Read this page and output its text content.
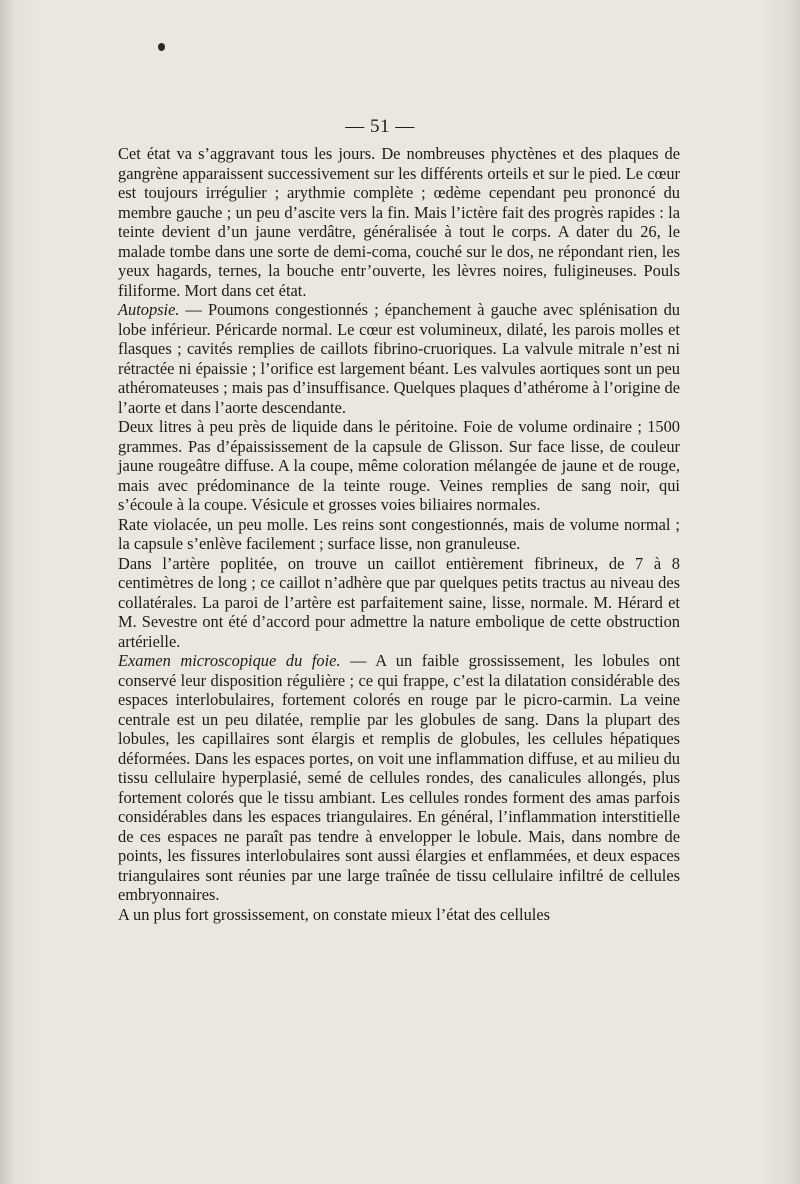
— 51 —

Cet état va s’aggravant tous les jours. De nombreuses phyctènes et des plaques de gangrène apparaissent successivement sur les différents orteils et sur le pied. Le cœur est toujours irrégulier ; arythmie complète ; œdème cependant peu prononcé du membre gauche ; un peu d’ascite vers la fin. Mais l’ictère fait des progrès rapides : la teinte devient d’un jaune verdâtre, généralisée à tout le corps. A dater du 26, le malade tombe dans une sorte de demi-coma, couché sur le dos, ne répondant rien, les yeux hagards, ternes, la bouche entr’ouverte, les lèvres noires, fuligineuses. Pouls filiforme. Mort dans cet état.

Autopsie. — Poumons congestionnés ; épanchement à gauche avec splénisation du lobe inférieur. Péricarde normal. Le cœur est volumineux, dilaté, les parois molles et flasques ; cavités remplies de caillots fibrino-cruoriques. La valvule mitrale n’est ni rétractée ni épaissie ; l’orifice est largement béant. Les valvules aortiques sont un peu athéromateuses ; mais pas d’insuffisance. Quelques plaques d’athérome à l’origine de l’aorte et dans l’aorte descendante.

Deux litres à peu près de liquide dans le péritoine. Foie de volume ordinaire ; 1500 grammes. Pas d’épaississement de la capsule de Glisson. Sur face lisse, de couleur jaune rougeâtre diffuse. A la coupe, même coloration mélangée de jaune et de rouge, mais avec prédominance de la teinte rouge. Veines remplies de sang noir, qui s’écoule à la coupe. Vésicule et grosses voies biliaires normales.

Rate violacée, un peu molle. Les reins sont congestionnés, mais de volume normal ; la capsule s’enlève facilement ; surface lisse, non granuleuse.

Dans l’artère poplitée, on trouve un caillot entièrement fibrineux, de 7 à 8 centimètres de long ; ce caillot n’adhère que par quelques petits tractus au niveau des collatérales. La paroi de l’artère est parfaitement saine, lisse, normale. M. Hérard et M. Sevestre ont été d’accord pour admettre la nature embolique de cette obstruction artérielle.

Examen microscopique du foie. — A un faible grossissement, les lobules ont conservé leur disposition régulière ; ce qui frappe, c’est la dilatation considérable des espaces interlobulaires, fortement colorés en rouge par le picro-carmin. La veine centrale est un peu dilatée, remplie par les globules de sang. Dans la plupart des lobules, les capillaires sont élargis et remplis de globules, les cellules hépatiques déformées. Dans les espaces portes, on voit une inflammation diffuse, et au milieu du tissu cellulaire hyperplasié, semé de cellules rondes, des canalicules allongés, plus fortement colorés que le tissu ambiant. Les cellules rondes forment des amas parfois considérables dans les espaces triangulaires. En général, l’inflammation interstitielle de ces espaces ne paraît pas tendre à envelopper le lobule. Mais, dans nombre de points, les fissures interlobulaires sont aussi élargies et enflammées, et deux espaces triangulaires sont réunies par une large traînée de tissu cellulaire infiltré de cellules embryonnaires.

A un plus fort grossissement, on constate mieux l’état des cellules
